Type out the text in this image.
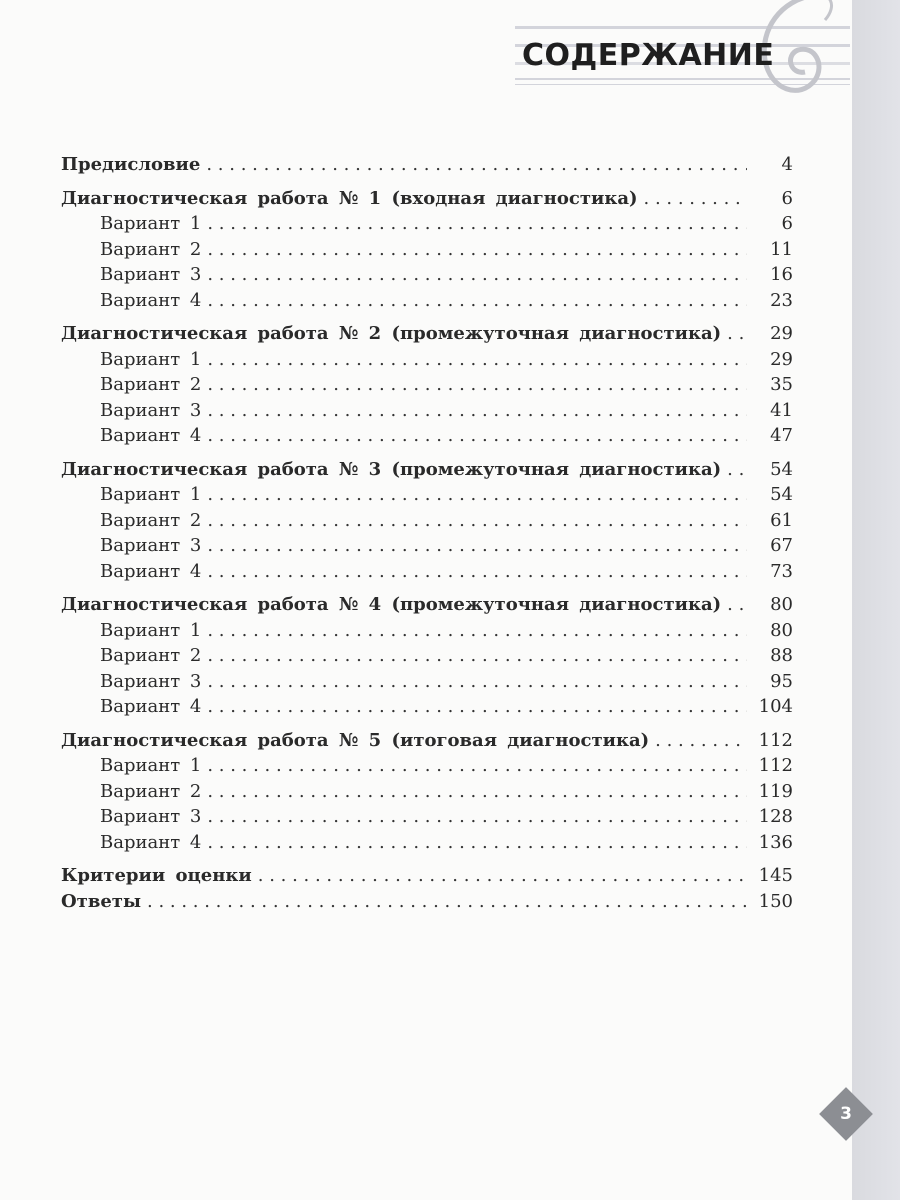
СОДЕРЖАНИЕ
Предисловие . . .	4
Диагностическая работа № 1 (входная диагностика) . . .	6
Вариант 1 . . .	6
Вариант 2 . . .	11
Вариант 3 . . .	16
Вариант 4 . . .	23
Диагностическая работа № 2 (промежуточная диагностика) . . .	29
Вариант 1 . . .	29
Вариант 2 . . .	35
Вариант 3 . . .	41
Вариант 4 . . .	47
Диагностическая работа № 3 (промежуточная диагностика) . . .	54
Вариант 1 . . .	54
Вариант 2 . . .	61
Вариант 3 . . .	67
Вариант 4 . . .	73
Диагностическая работа № 4 (промежуточная диагностика) . . .	80
Вариант 1 . . .	80
Вариант 2 . . .	88
Вариант 3 . . .	95
Вариант 4 . . .	104
Диагностическая работа № 5 (итоговая диагностика) . . .	112
Вариант 1 . . .	112
Вариант 2 . . .	119
Вариант 3 . . .	128
Вариант 4 . . .	136
Критерии оценки . . .	145
Ответы . . .	150
3
